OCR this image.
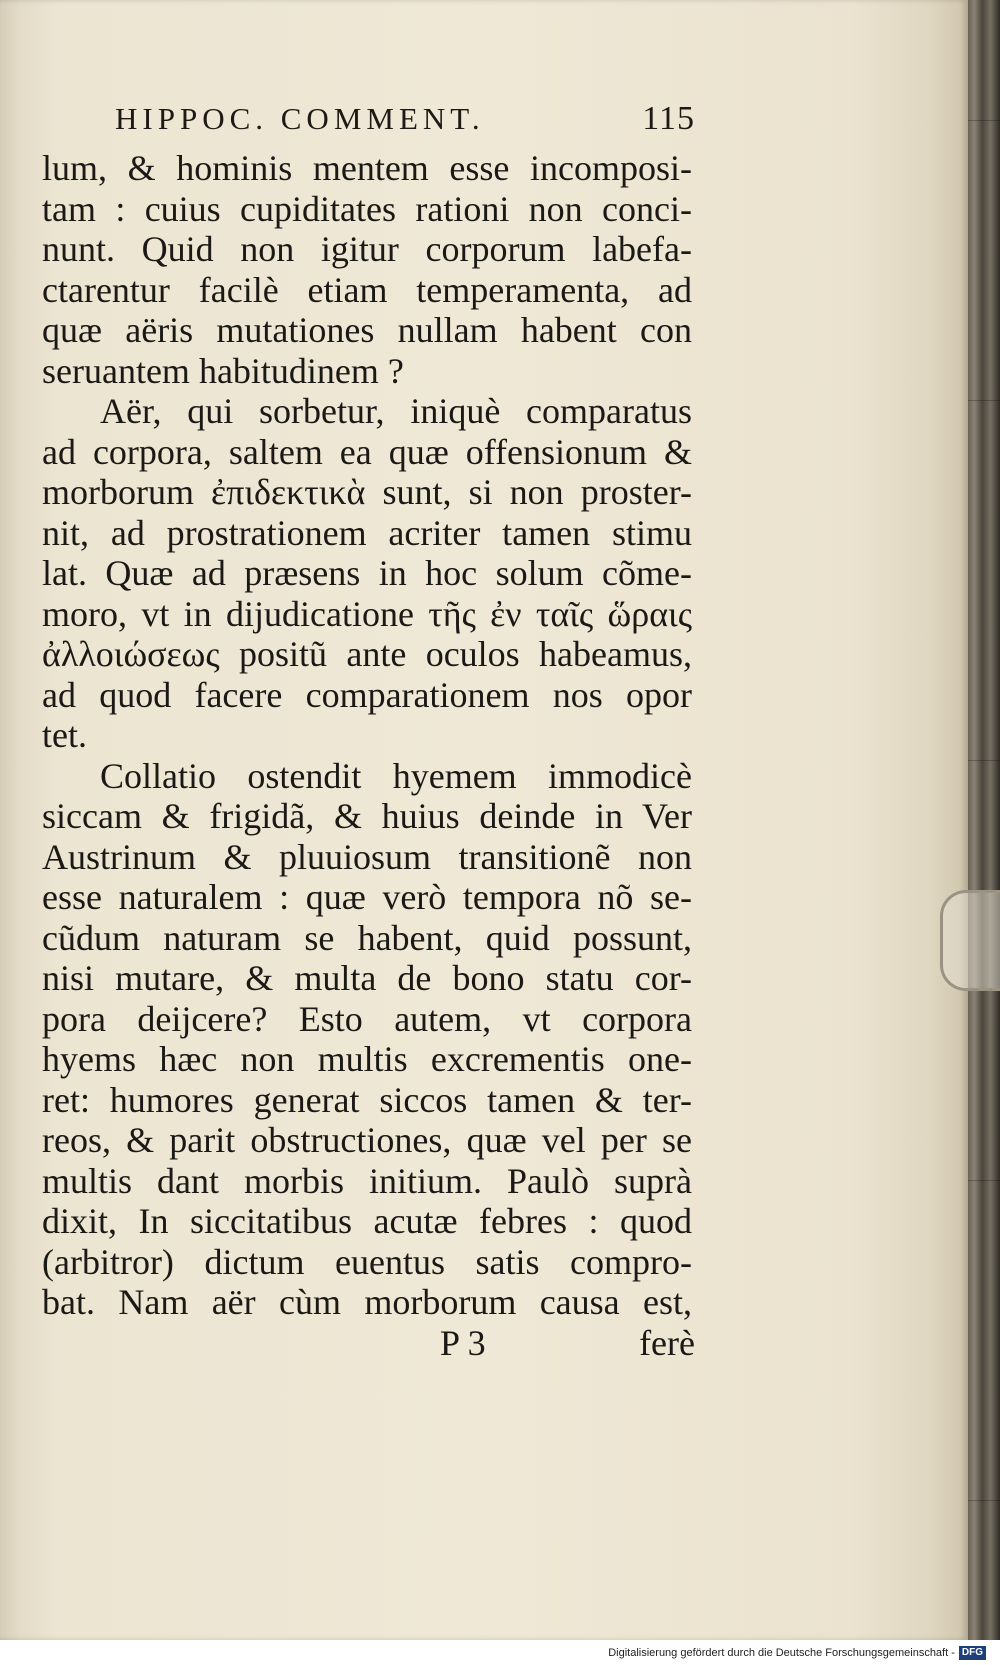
HIPPOC. COMMENT.	115

lum, & hominis mentem esse incomposi-
tam : cuius cupiditates rationi non conci-
nunt. Quid non igitur corporum labefa-
ctarentur facilè etiam temperamenta, ad
quæ aëris mutationes nullam habent con
seruantem habitudinem ?

Aër, qui sorbetur, iniquè comparatus
ad corpora, saltem ea quæ offensionum &
morborum ἐπιδεκτικὰ sunt, si non proster-
nit, ad prostrationem acriter tamen stimu
lat. Quæ ad præsens in hoc solum cõme-
moro, vt in dijudicatione τῆς ἐν ταῖς ὥραις
ἀλλοιώσεως positũ ante oculos habeamus,
ad quod facere comparationem nos opor
tet.

Collatio ostendit hyemem immodicè
siccam & frigidã, & huius deinde in Ver
Austrinum & pluuiosum transitionẽ non
esse naturalem : quæ verò tempora nõ se-
cũdum naturam se habent, quid possunt,
nisi mutare, & multa de bono statu cor-
pora deijcere? Esto autem, vt corpora
hyems hæc non multis excrementis one-
ret: humores generat siccos tamen & ter-
reos, & parit obstructiones, quæ vel per se
multis dant morbis initium. Paulò suprà
dixit, In siccitatibus acutæ febres : quod
(arbitror) dictum euentus satis compro-
bat. Nam aër cùm morborum causa est,

P 3	ferè
Digitalisierung gefördert durch die Deutsche Forschungsgemeinschaft - DFG
